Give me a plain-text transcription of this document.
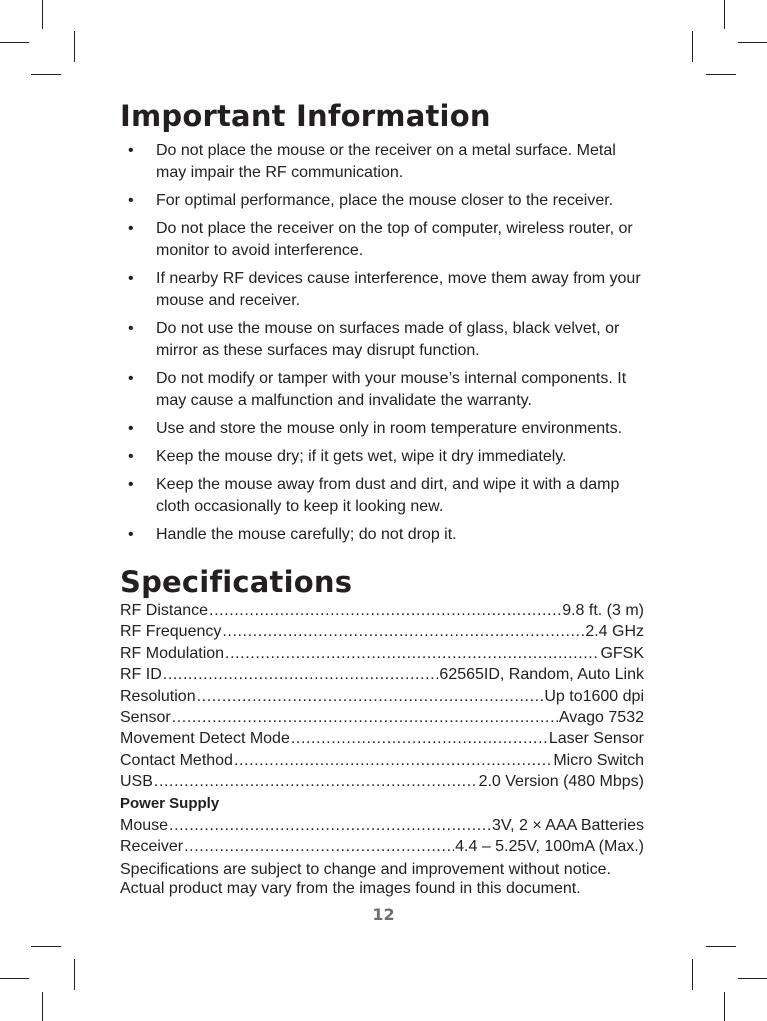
Important Information
• Do not place the mouse or the receiver on a metal surface. Metal may impair the RF communication.
• For optimal performance, place the mouse closer to the receiver.
• Do not place the receiver on the top of computer, wireless router, or monitor to avoid interference.
• If nearby RF devices cause interference, move them away from your mouse and receiver.
• Do not use the mouse on surfaces made of glass, black velvet, or mirror as these surfaces may disrupt function.
• Do not modify or tamper with your mouse’s internal components. It may cause a malfunction and invalidate the warranty.
• Use and store the mouse only in room temperature environments.
• Keep the mouse dry; if it gets wet, wipe it dry immediately.
• Keep the mouse away from dust and dirt, and wipe it with a damp cloth occasionally to keep it looking new.
• Handle the mouse carefully; do not drop it.
Specifications
RF Distance .....	9.8 ft. (3 m)
RF Frequency .....	2.4 GHz
RF Modulation .....	GFSK
RF ID .....	62565ID, Random, Auto Link
Resolution .....	Up to1600 dpi
Sensor .....	Avago 7532
Movement Detect Mode .....	Laser Sensor
Contact Method .....	Micro Switch
USB .....	2.0 Version (480 Mbps)
Power Supply
Mouse .....	3V, 2 × AAA Batteries
Receiver .....	4.4 – 5.25V, 100mA (Max.)
Specifications are subject to change and improvement without notice. Actual product may vary from the images found in this document.
12
